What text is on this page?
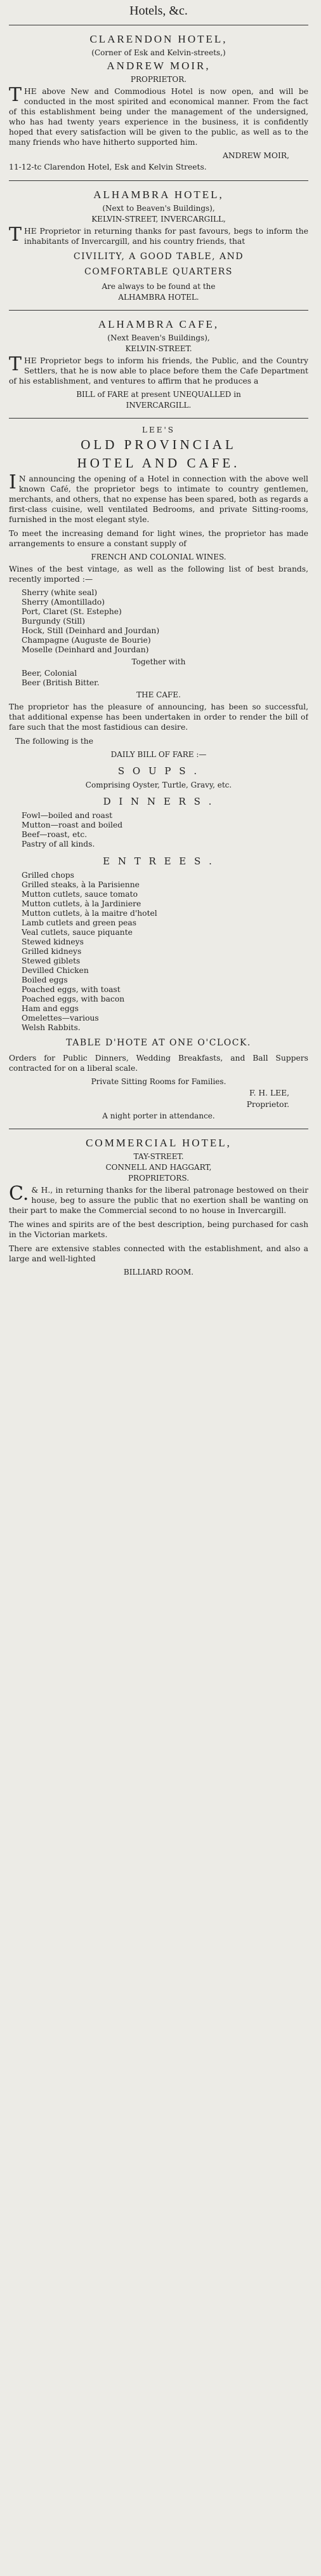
Hotels, &c.
CLARENDON HOTEL,
(Corner of Esk and Kelvin-streets,)
ANDREW MOIR,
PROPRIETOR.
THE above New and Commodious Hotel is now open, and will be conducted in the most spirited and economical manner. From the fact of this establishment being under the management of the undersigned, who has had twenty years experience in the business, it is confidently hoped that every satisfaction will be given to the public, as well as to the many friends who have hitherto supported him.
ANDREW MOIR,
11-12-tc Clarendon Hotel, Esk and Kelvin Streets.
ALHAMBRA HOTEL,
(Next to Beaven's Buildings),
KELVIN-STREET, INVERCARGILL,
THE Proprietor in returning thanks for past favours, begs to inform the inhabitants of Invercargill, and his country friends, that
CIVILITY, A GOOD TABLE, AND
COMFORTABLE QUARTERS
Are always to be found at the
ALHAMBRA HOTEL.
ALHAMBRA CAFE,
(Next Beaven's Buildings),
KELVIN-STREET.
THE Proprietor begs to inform his friends, the Public, and the Country Settlers, that he is now able to place before them the Cafe Department of his establishment, and ventures to affirm that he produces a
BILL of FARE at present UNEQUALLED in
INVERCARGILL.
LEE'S
OLD PROVINCIAL
HOTEL AND CAFE.
IN announcing the opening of a Hotel in connection with the above well known Café, the proprietor begs to intimate to country gentlemen, merchants, and others, that no expense has been spared, both as regards a first-class cuisine, well ventilated Bedrooms, and private Sitting-rooms, furnished in the most elegant style.
To meet the increasing demand for light wines, the proprietor has made arrangements to ensure a constant supply of
FRENCH AND COLONIAL WINES.
Wines of the best vintage, as well as the following list of best brands, recently imported :—
Sherry (white seal)
Sherry (Amontillado)
Port, Claret (St. Estephe)
Burgundy (Still)
Hock, Still (Deinhard and Jourdan)
Champagne (Auguste de Bourie)
Moselle (Deinhard and Jourdan)
Together with
Beer, Colonial
Beer (British Bitter.
THE CAFE.
The proprietor has the pleasure of announcing, has been so successful, that additional expense has been undertaken in order to render the bill of fare such that the most fastidious can desire.
The following is the
DAILY BILL OF FARE :—
S O U P S .
Comprising Oyster, Turtle, Gravy, etc.
D I N N E R S .
Fowl—boiled and roast
Mutton—roast and boiled
Beef—roast, etc.
Pastry of all kinds.
E N T R E E S .
Grilled chops
Grilled steaks, à la Parisienne
Mutton cutlets, sauce tomato
Mutton cutlets, à la Jardiniere
Mutton cutlets, à la maitre d'hotel
Lamb cutlets and green peas
Veal cutlets, sauce piquante
Stewed kidneys
Grilled kidneys
Stewed giblets
Devilled Chicken
Boiled eggs
Poached eggs, with toast
Poached eggs, with bacon
Ham and eggs
Omelettes—various
Welsh Rabbits.
TABLE D'HOTE AT ONE O'CLOCK.
Orders for Public Dinners, Wedding Breakfasts, and Ball Suppers contracted for on a liberal scale.
Private Sitting Rooms for Families.
F. H. LEE,
Proprietor.
A night porter in attendance.
COMMERCIAL HOTEL,
TAY-STREET.
CONNELL AND HAGGART,
PROPRIETORS.
C.& H., in returning thanks for the liberal patronage bestowed on their house, beg to assure the public that no exertion shall be wanting on their part to make the Commercial second to no house in Invercargill.
The wines and spirits are of the best description, being purchased for cash in the Victorian markets.
There are extensive stables connected with the establishment, and also a large and well-lighted
BILLIARD ROOM.
